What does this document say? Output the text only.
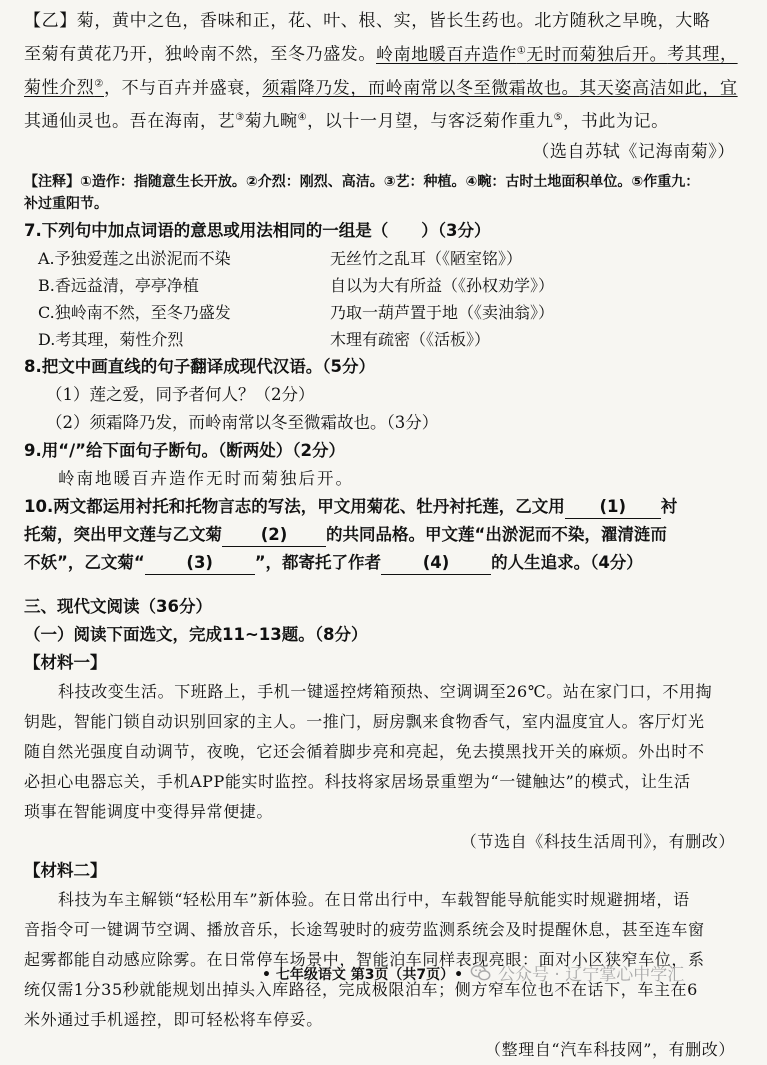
【乙】菊，黄中之色，香味和正，花、叶、根、实，皆长生药也。北方随秋之早晚，大略
至菊有黄花乃开，独岭南不然，至冬乃盛发。岭南地暖百卉造作①无时而菊独后开。考其理，
菊性介烈②，不与百卉并盛衰，须霜降乃发，而岭南常以冬至微霜故也。其天姿高洁如此，宜
其通仙灵也。吾在海南，艺③菊九畹④，以十一月望，与客泛菊作重九⑤，书此为记。
（选自苏轼《记海南菊》）
【注释】①造作：指随意生长开放。②介烈：刚烈、高洁。③艺：种植。④畹：古时土地面积单位。⑤作重九：
补过重阳节。
7.下列句中加点词语的意思或用法相同的一组是（　　）（3分）
A.予独爱莲之出淤泥而不染	无丝竹之乱耳（《陋室铭》）
B.香远益清，亭亭净植	自以为大有所益（《孙权劝学》）
C.独岭南不然，至冬乃盛发	乃取一葫芦置于地（《卖油翁》）
D.考其理，菊性介烈	木理有疏密（《活板》）
8.把文中画直线的句子翻译成现代汉语。（5分）
（1）莲之爱，同予者何人？（2分）
（2）须霜降乃发，而岭南常以冬至微霜故也。（3分）
9.用“/”给下面句子断句。（断两处）（2分）
岭南地暖百卉造作无时而菊独后开。
10.两文都运用衬托和托物言志的写法，甲文用菊花、牡丹衬托莲，乙文用 (1) 衬
托菊，突出甲文莲与乙文菊 (2) 的共同品格。甲文莲“出淤泥而不染，濯清涟而
不妖”，乙文菊“	(3)	”，都寄托了作者	(4)	的人生追求。（4分）
三、现代文阅读（36分）
（一）阅读下面选文，完成11~13题。（8分）
【材料一】
科技改变生活。下班路上，手机一键遥控烤箱预热、空调调至26℃。站在家门口，不用掏
钥匙，智能门锁自动识别回家的主人。一推门，厨房飘来食物香气，室内温度宜人。客厅灯光
随自然光强度自动调节，夜晚，它还会循着脚步亮和亮起，免去摸黑找开关的麻烦。外出时不
必担心电器忘关，手机APP能实时监控。科技将家居场景重塑为“一键触达”的模式，让生活
琐事在智能调度中变得异常便捷。
（节选自《科技生活周刊》，有删改）
【材料二】
科技为车主解锁“轻松用车”新体验。在日常出行中，车载智能导航能实时规避拥堵，语
音指令可一键调节空调、播放音乐，长途驾驶时的疲劳监测系统会及时提醒休息，甚至连车窗
起雾都能自动感应除雾。在日常停车场景中，智能泊车同样表现亮眼：面对小区狭窄车位，系
统仅需1分35秒就能规划出掉头入库路径，完成极限泊车；侧方窄车位也不在话下，车主在6
米外通过手机遥控，即可轻松将车停妥。
（整理自“汽车科技网”，有删改）
• 七年级语文 第3页（共7页）• 公众号 · 辽宁掌心中学汇
